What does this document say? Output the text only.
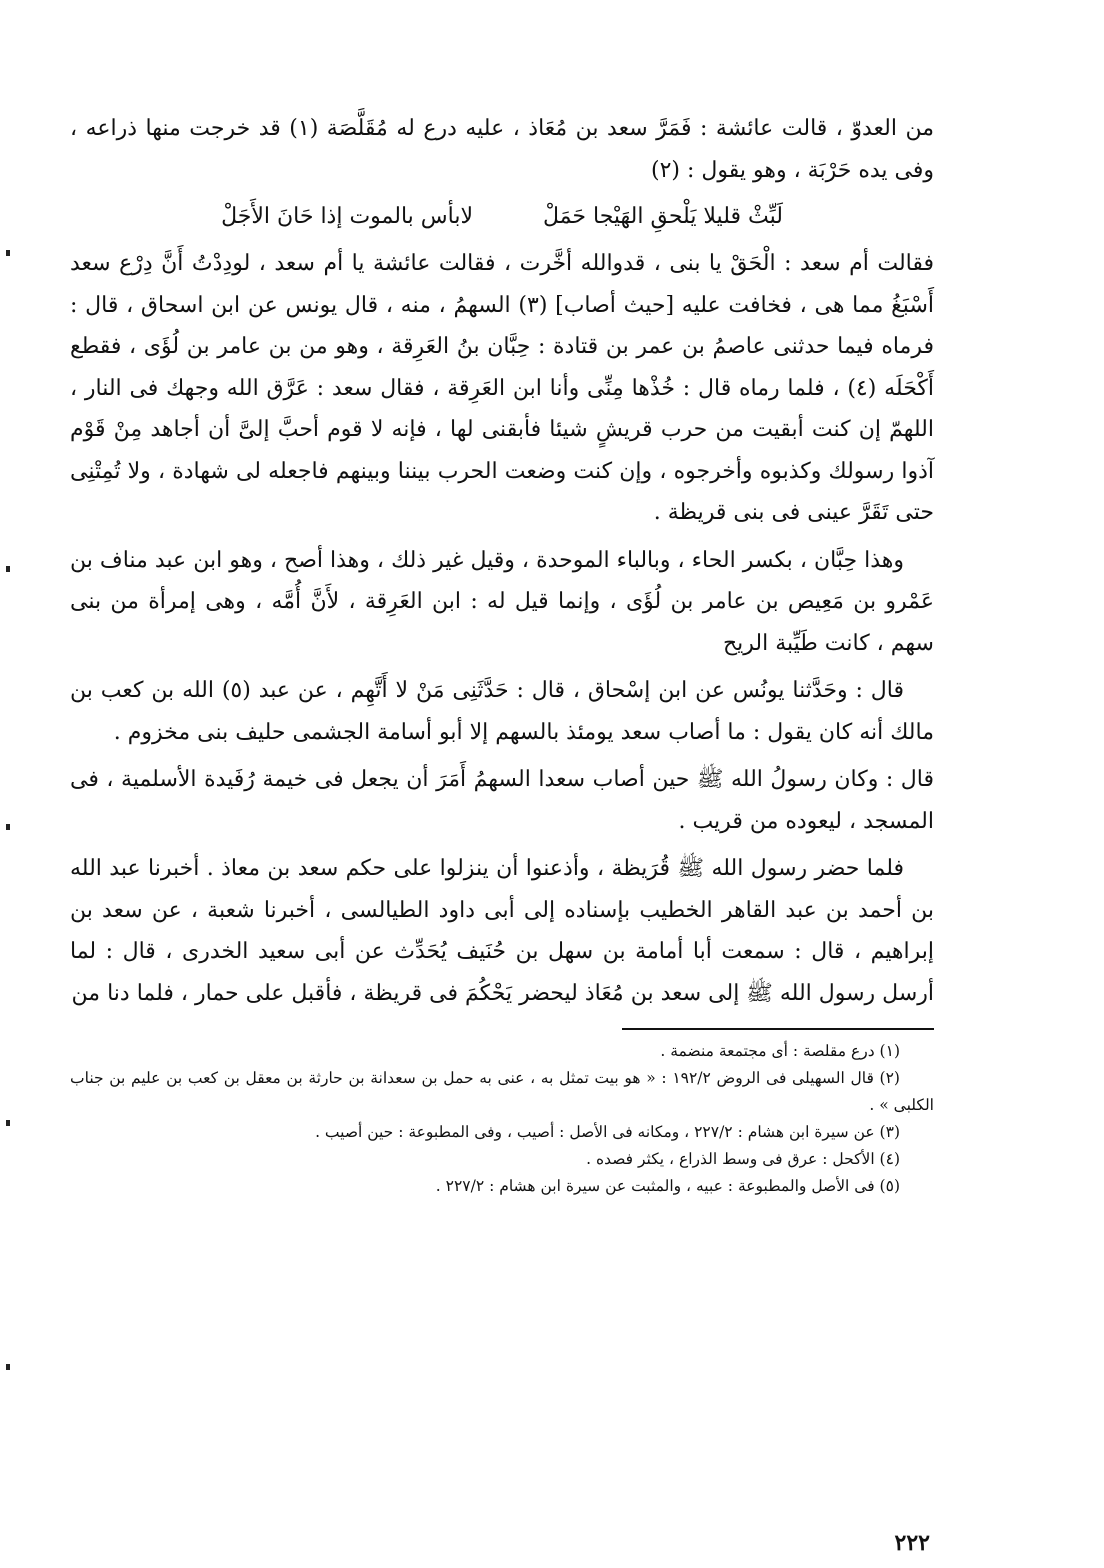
من العدوّ ، قالت عائشة : فَمَرَّ سعد بن مُعَاذ ، عليه درع له مُقَلَّصَة (١) قد خرجت منها ذراعه ، وفى يده حَرْبَة ، وهو يقول : (٢)

لَبِّثْ قليلا يَلْحقِ الهَيْجا حَمَلْ
لابأس بالموت إذا حَانَ الأَجَلْ

فقالت أم سعد : الْحَقْ يا بنى ، قدوالله أخَّرت ، فقالت عائشة يا أم سعد ، لودِدْتُ أَنَّ دِرْع سعد أَسْبَغُ مما هى ، فخافت عليه [حيث أصاب] (٣) السهمُ ، منه ، قال يونس عن ابن اسحاق ، قال : فرماه فيما حدثنى عاصمُ بن عمر بن قتادة : حِبَّان بنُ العَرِقة ، وهو من بن عامر بن لُؤَى ، فقطع أَكْحَلَه (٤) ، فلما رماه قال : خُذْها مِنِّى وأنا ابن العَرِقة ، فقال سعد : عَرَّق الله وجهك فى النار ، اللهمّ إن كنت أبقيت من حرب قريشٍ شيئا فأبقنى لها ، فإنه لا قوم أحبَّ إلىَّ أن أجاهد مِنْ قَوْم آذوا رسولك وكذبوه وأخرجوه ، وإن كنت وضعت الحرب بيننا وبينهم فاجعله لى شهادة ، ولا تُمِتْنِى حتى تَقَرَّ عينى فى بنى قريظة .

وهذا حِبَّان ، بكسر الحاء ، وبالباء الموحدة ، وقيل غير ذلك ، وهذا أصح ، وهو ابن عبد مناف بن عَمْرو بن مَعِيص بن عامر بن لُؤَى ، وإنما قيل له : ابن العَرِقة ، لأَنَّ أُمَّه ، وهى إمرأة من بنى سهم ، كانت طَيِّبة الريح

قال : وحَدَّثنا يونُس عن ابن إسْحاق ، قال : حَدَّثَنِى مَنْ لا أَتَّهِم ، عن عبد (٥) الله بن كعب بن مالك أنه كان يقول : ما أصاب سعد يومئذ بالسهم إلا أبو أسامة الجشمى حليف بنى مخزوم .

قال : وكان رسولُ الله ﷺ حين أصاب سعدا السهمُ أَمَرَ أن يجعل فى خيمة رُفَيدة الأسلمية ، فى المسجد ، ليعوده من قريب .

فلما حضر رسول الله ﷺ قُرَيظة ، وأذعنوا أن ينزلوا على حكم سعد بن معاذ . أخبرنا عبد الله بن أحمد بن عبد القاهر الخطيب بإسناده إلى أبى داود الطيالسى ، أخبرنا شعبة ، عن سعد بن إبراهيم ، قال : سمعت أبا أمامة بن سهل بن حُنَيف يُحَدِّث عن أبى سعيد الخدرى ، قال : لما أرسل رسول الله ﷺ إلى سعد بن مُعَاذ ليحضر يَحْكُمَ فى قريظة ، فأقبل على حمار ، فلما دنا من

(١) درع مقلصة : أى مجتمعة منضمة .

(٢) قال السهيلى فى الروض ١٩٢/٢ : « هو بيت تمثل به ، عنى به حمل بن سعدانة بن حارثة بن معقل بن كعب بن عليم بن جناب الكلبى » .

(٣) عن سيرة ابن هشام : ٢٢٧/٢ ، ومكانه فى الأصل : أصيب ، وفى المطبوعة : حين أصيب .

(٤) الأكحل : عرق فى وسط الذراع ، يكثر فصده .

(٥) فى الأصل والمطبوعة : عبيه ، والمثبت عن سيرة ابن هشام : ٢٢٧/٢ .

٢٢٢
